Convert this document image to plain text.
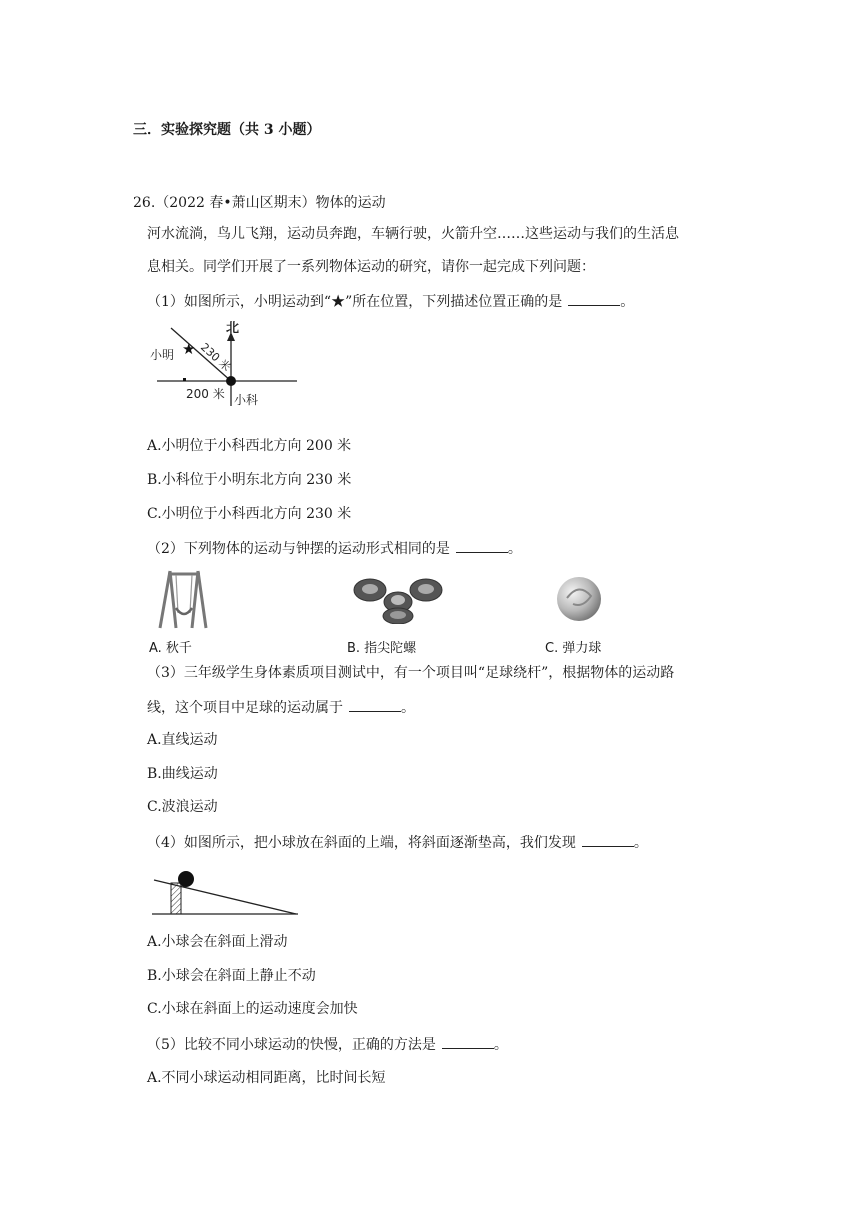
三．实验探究题（共 3 小题）
26.（2022 春•萧山区期末）物体的运动
河水流淌，鸟儿飞翔，运动员奔跑，车辆行驶，火箭升空……这些运动与我们的生活息
息相关。同学们开展了一系列物体运动的研究，请你一起完成下列问题：
（1）如图所示，小明运动到“★”所在位置，下列描述位置正确的是	。
北
小明 ★ 230 米
200 米 小科
A.小明位于小科西北方向 200 米
B.小科位于小明东北方向 230 米
C.小明位于小科西北方向 230 米
（2）下列物体的运动与钟摆的运动形式相同的是	。
A. 秋千	B. 指尖陀螺	C. 弹力球
（3）三年级学生身体素质项目测试中，有一个项目叫“足球绕杆”，根据物体的运动路
线，这个项目中足球的运动属于	。
A.直线运动
B.曲线运动
C.波浪运动
（4）如图所示，把小球放在斜面的上端，将斜面逐渐垫高，我们发现	。
A.小球会在斜面上滑动
B.小球会在斜面上静止不动
C.小球在斜面上的运动速度会加快
（5）比较不同小球运动的快慢，正确的方法是	。
A.不同小球运动相同距离，比时间长短
